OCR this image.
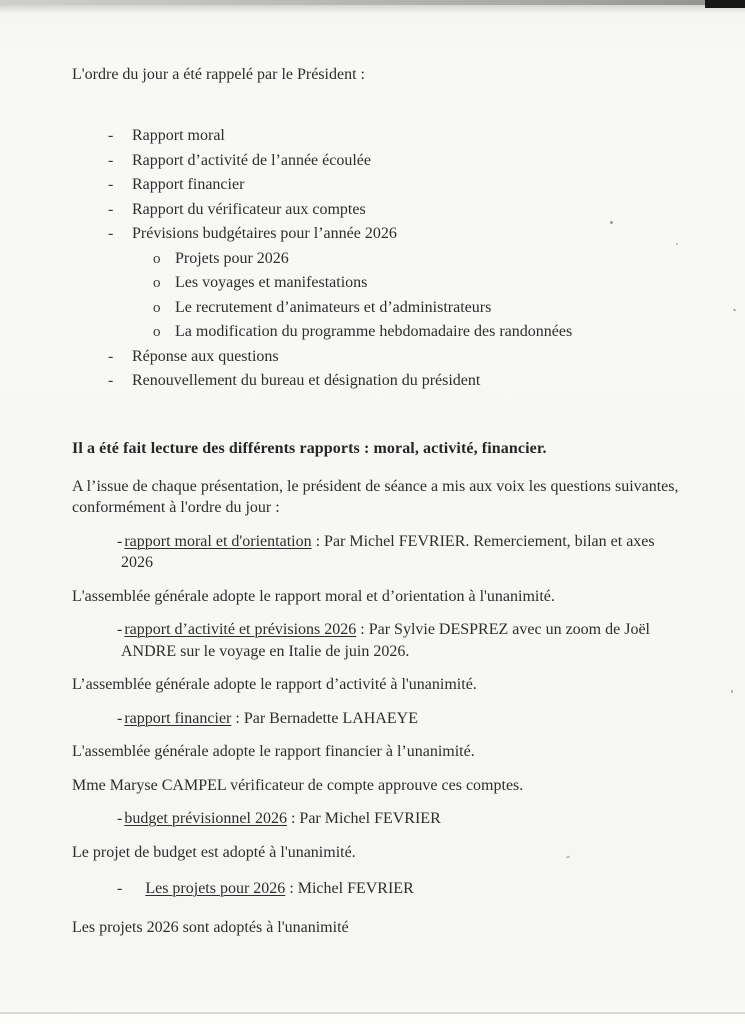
L'ordre du jour a été rappelé par le Président :

- Rapport moral
- Rapport d’activité de l’année écoulée
- Rapport financier
- Rapport du vérificateur aux comptes
- Prévisions budgétaires pour l’année 2026
o Projets pour 2026
o Les voyages et manifestations
o Le recrutement d’animateurs et d’administrateurs
o La modification du programme hebdomadaire des randonnées
- Réponse aux questions
- Renouvellement du bureau et désignation du président

Il a été fait lecture des différents rapports : moral, activité, financier.

A l’issue de chaque présentation, le président de séance a mis aux voix les questions suivantes, conformément à l'ordre du jour :

- rapport moral et d'orientation : Par Michel FEVRIER. Remerciement, bilan et axes 2026

L'assemblée générale adopte le rapport moral et d’orientation à l'unanimité.

- rapport d’activité et prévisions 2026 : Par Sylvie DESPREZ avec un zoom de Joël ANDRE sur le voyage en Italie de juin 2026.

L’assemblée générale adopte le rapport d’activité à l'unanimité.

- rapport financier : Par Bernadette LAHAEYE

L'assemblée générale adopte le rapport financier à l’unanimité.

Mme Maryse CAMPEL vérificateur de compte approuve ces comptes.

- budget prévisionnel 2026 : Par Michel FEVRIER

Le projet de budget est adopté à l'unanimité.

- Les projets pour 2026 : Michel FEVRIER

Les projets 2026 sont adoptés à l'unanimité
